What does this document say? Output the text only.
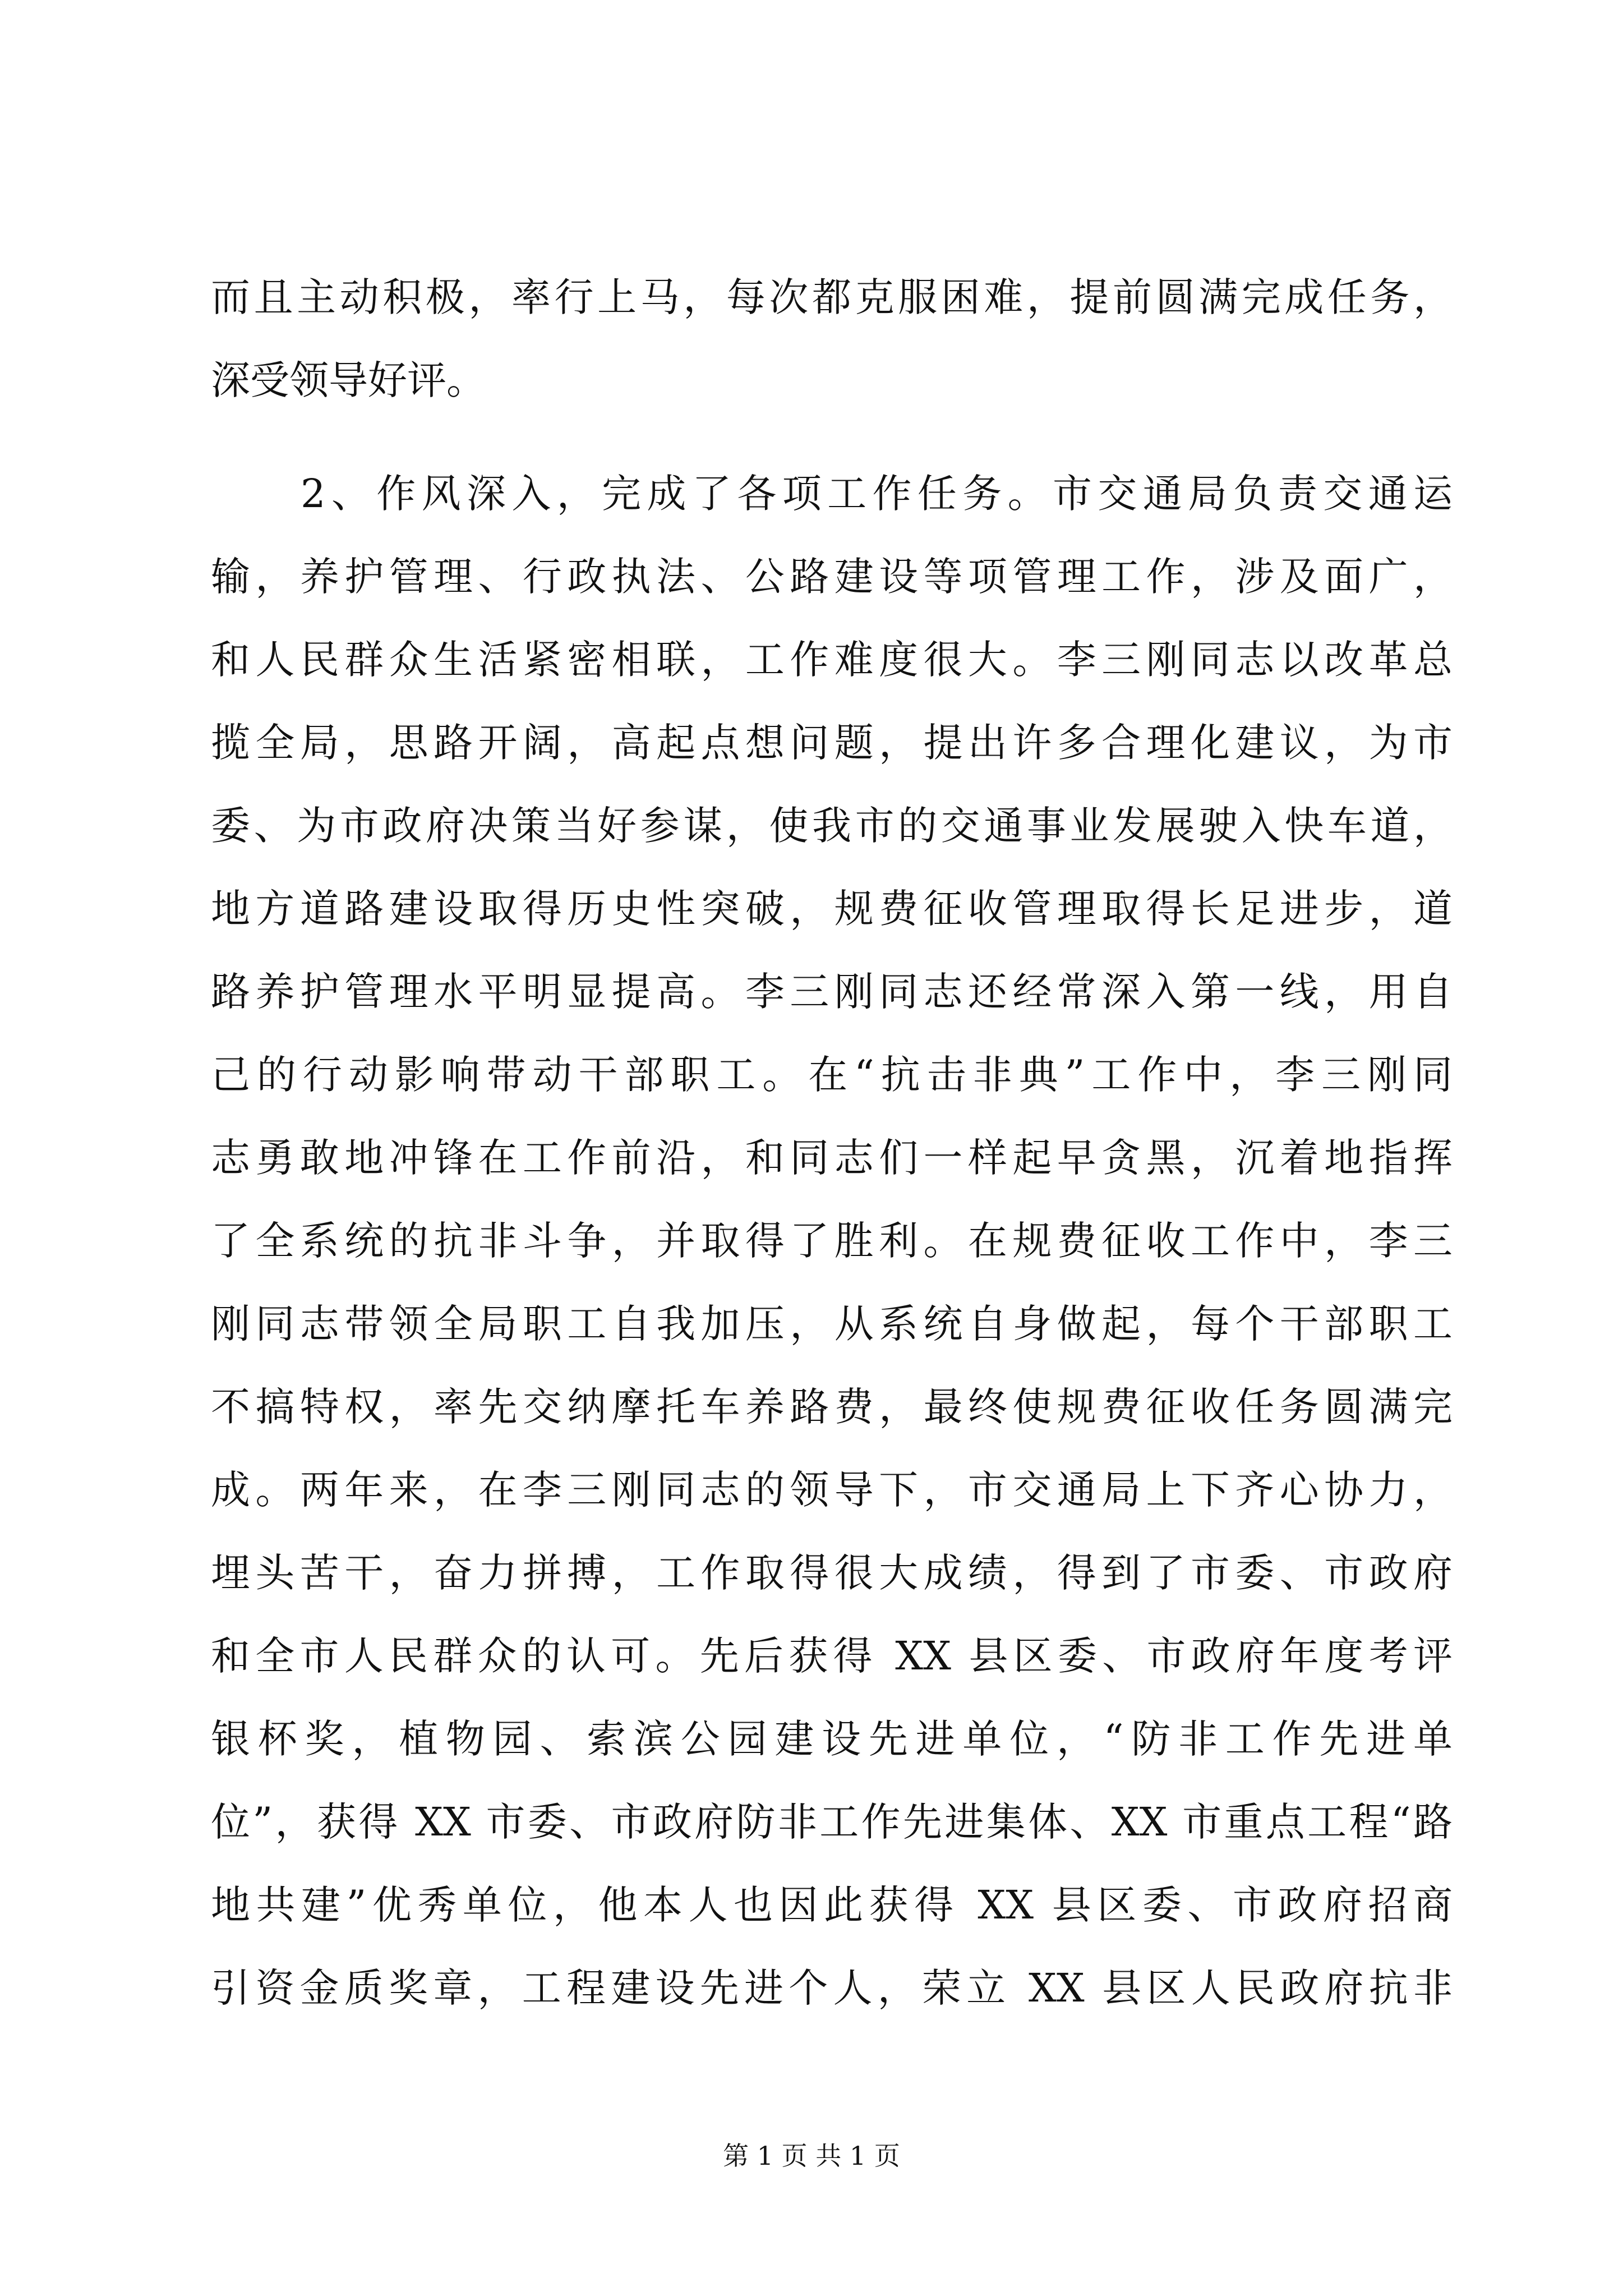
而且主动积极，率行上马，每次都克服困难，提前圆满完成任务，
深受领导好评。
2、作风深入，完成了各项工作任务。市交通局负责交通运
输，养护管理、行政执法、公路建设等项管理工作，涉及面广，
和人民群众生活紧密相联，工作难度很大。李三刚同志以改革总
揽全局，思路开阔，高起点想问题，提出许多合理化建议，为市
委、为市政府决策当好参谋，使我市的交通事业发展驶入快车道，
地方道路建设取得历史性突破，规费征收管理取得长足进步，道
路养护管理水平明显提高。李三刚同志还经常深入第一线，用自
己的行动影响带动干部职工。在“抗击非典”工作中，李三刚同
志勇敢地冲锋在工作前沿，和同志们一样起早贪黑，沉着地指挥
了全系统的抗非斗争，并取得了胜利。在规费征收工作中，李三
刚同志带领全局职工自我加压，从系统自身做起，每个干部职工
不搞特权，率先交纳摩托车养路费，最终使规费征收任务圆满完
成。两年来，在李三刚同志的领导下，市交通局上下齐心协力，
埋头苦干，奋力拼搏，工作取得很大成绩，得到了市委、市政府
和全市人民群众的认可。先后获得 XX 县区委、市政府年度考评
银杯奖，植物园、索滨公园建设先进单位，“防非工作先进单
位”，获得 XX 市委、市政府防非工作先进集体、XX 市重点工程“路
地共建”优秀单位，他本人也因此获得 XX 县区委、市政府招商
引资金质奖章，工程建设先进个人，荣立 XX 县区人民政府抗非
第 1 页 共 1 页
